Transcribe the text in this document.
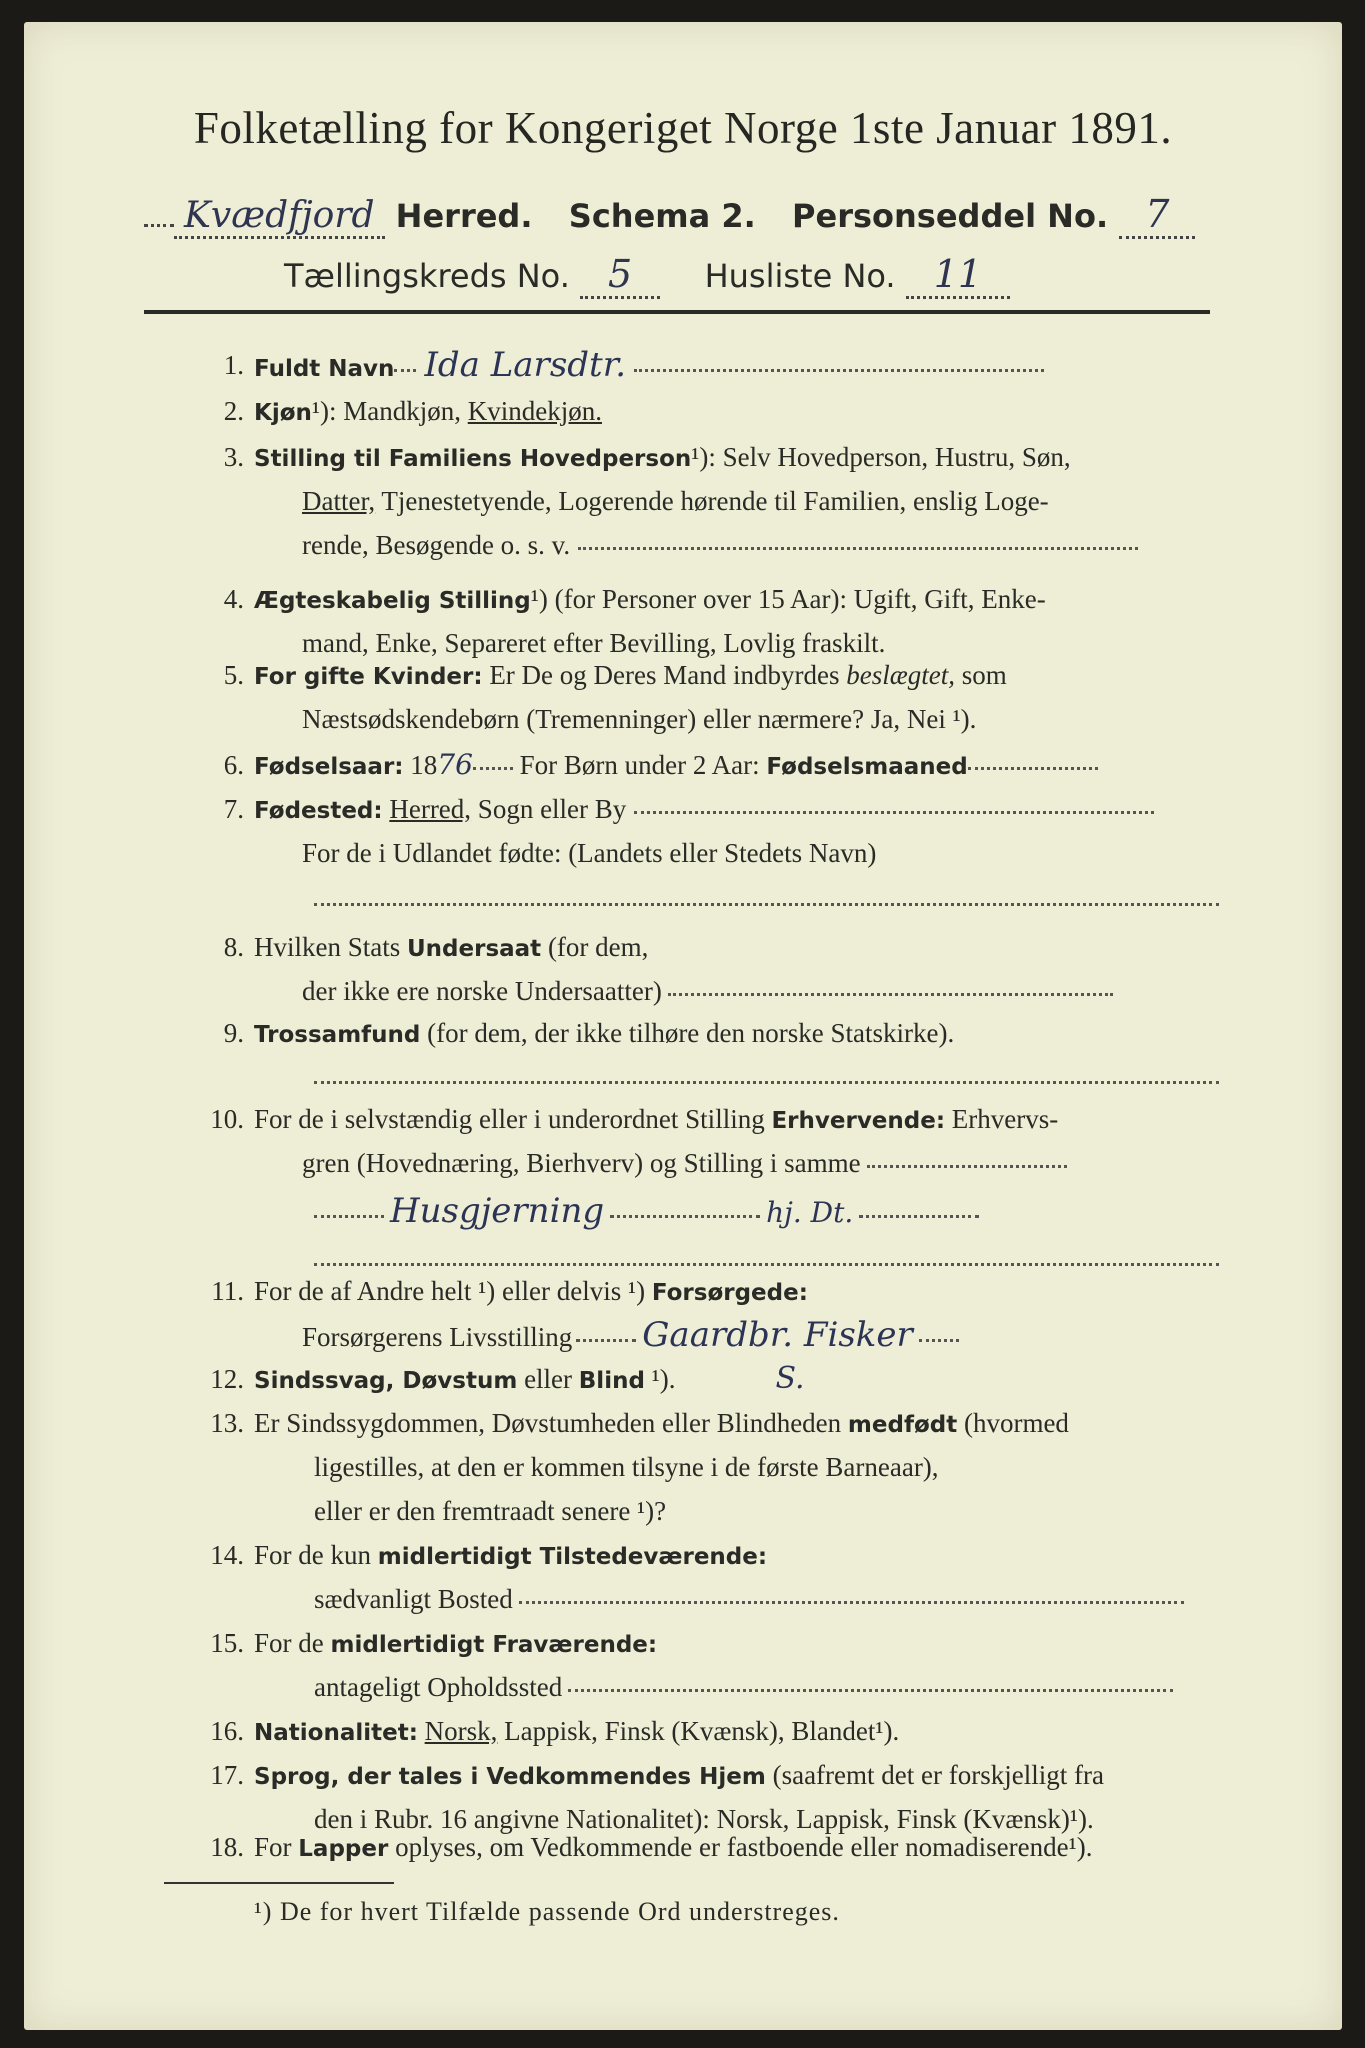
Folketælling for Kongeriget Norge 1ste Januar 1891.
Kvædfjord Herred. Schema 2. Personseddel No. 7
Tællingskreds No. 5 Husliste No. 11
1. Fuldt Navn Ida Larsdtr.
2. Kjøn¹): Mandkjøn, Kvindekjøn.
3. Stilling til Familiens Hovedperson¹): Selv Hovedperson, Hustru, Søn,
Datter, Tjenestetyende, Logerende hørende til Familien, enslig Loge-
rende, Besøgende o. s. v.
4. Ægteskabelig Stilling¹) (for Personer over 15 Aar): Ugift, Gift, Enke-
mand, Enke, Separeret efter Bevilling, Lovlig fraskilt.
5. For gifte Kvinder: Er De og Deres Mand indbyrdes beslægtet, som
Næstsødskendebørn (Tremenninger) eller nærmere? Ja, Nei ¹).
6. Fødselsaar: 1876 For Børn under 2 Aar: Fødselsmaaned
7. Fødested: Herred, Sogn eller By
For de i Udlandet fødte: (Landets eller Stedets Navn)
8. Hvilken Stats Undersaat (for dem,
der ikke ere norske Undersaatter)
9. Trossamfund (for dem, der ikke tilhøre den norske Statskirke).
10. For de i selvstændig eller i underordnet Stilling Erhvervende: Erhvervs-
gren (Hovednæring, Bierhverv) og Stilling i samme
Husgjerning	hj. Dt.
11. For de af Andre helt ¹) eller delvis ¹) Forsørgede:
Forsørgerens Livsstilling Gaardbr. Fisker
12. Sindssvag, Døvstum eller Blind ¹).	S.
13. Er Sindssygdommen, Døvstumheden eller Blindheden medfødt (hvormed
ligestilles, at den er kommen tilsyne i de første Barneaar),
eller er den fremtraadt senere ¹)?
14. For de kun midlertidigt Tilstedeværende:
sædvanligt Bosted
15. For de midlertidigt Fraværende:
antageligt Opholdssted
16. Nationalitet: Norsk, Lappisk, Finsk (Kvænsk), Blandet¹).
17. Sprog, der tales i Vedkommendes Hjem (saafremt det er forskjelligt fra
den i Rubr. 16 angivne Nationalitet): Norsk, Lappisk, Finsk (Kvænsk)¹).
18. For Lapper oplyses, om Vedkommende er fastboende eller nomadiserende¹).
¹) De for hvert Tilfælde passende Ord understreges.
